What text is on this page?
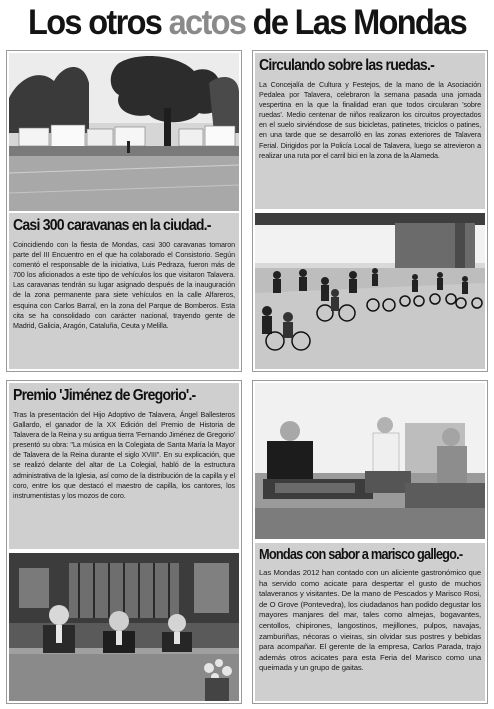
Los otros actos de Las Mondas
Casi 300 caravanas en la ciudad.-
Coincidiendo con la fiesta de Mondas, casi 300 caravanas tomaron parte del III Encuentro en el que ha colaborado el Consistorio. Según comentó el responsable de la iniciativa, Luis Pedraza, fueron más de 700 los aficionados a este tipo de vehículos los que visitaron Talavera. Las caravanas tendrán su lugar asignado después de la inauguración de la zona permanente para siete vehículos en la calle Alfareros, esquina con Carlos Barral, en la zona del Parque de Bomberos. Esta cita se ha consolidado con carácter nacional, trayendo gente de Madrid, Galicia, Aragón, Cataluña, Ceuta y Melilla.
Circulando sobre las ruedas.-
La Concejalía de Cultura y Festejos, de la mano de la Asociación Pedalea por Talavera, celebraron la semana pasada una jornada vespertina en la que la finalidad eran que todos circularan 'sobre ruedas'. Medio centenar de niños realizaron los circuitos proyectados en el suelo sirviéndose de sus bicicletas, patinetes, triciclos o patines, en una tarde que se desarrolló en las zonas exteriores de Talavera Ferial. Dirigidos por la Policía Local de Talavera, luego se atrevieron a realizar una ruta por el carril bici en la zona de la Alameda.
Premio 'Jiménez de Gregorio'.-
Tras la presentación del Hijo Adoptivo de Talavera, Ángel Ballesteros Gallardo, el ganador de la XX Edición del Premio de Historia de Talavera de la Reina y su antigua tierra 'Fernando Jiménez de Gregorio' presentó su obra: "La música en la Colegiata de Santa María la Mayor de Talavera de la Reina durante el siglo XVIII". En su explicación, que se realizó delante del altar de La Colegial, habló de la estructura administrativa de la Iglesia, así como de la distribución de la capilla y el coro, entre los que destacó el maestro de capilla, los cantores, los instrumentistas y los mozos de coro.
Mondas con sabor a marisco gallego.-
Las Mondas 2012 han contado con un aliciente gastronómico que ha servido como acicate para despertar el gusto de muchos talaveranos y visitantes. De la mano de Pescados y Marisco Rosi, de O Grove (Pontevedra), los ciudadanos han podido degustar los mayores manjares del mar, tales como almejas, bogavantes, centollos, chipirones, langostinos, mejillones, pulpos, navajas, zamburiñas, nécoras o vieiras, sin olvidar sus postres y bebidas para acompañar. El gerente de la empresa, Carlos Parada, trajo además otros acicates para esta Feria del Marisco como una queimada y un grupo de gaitas.
